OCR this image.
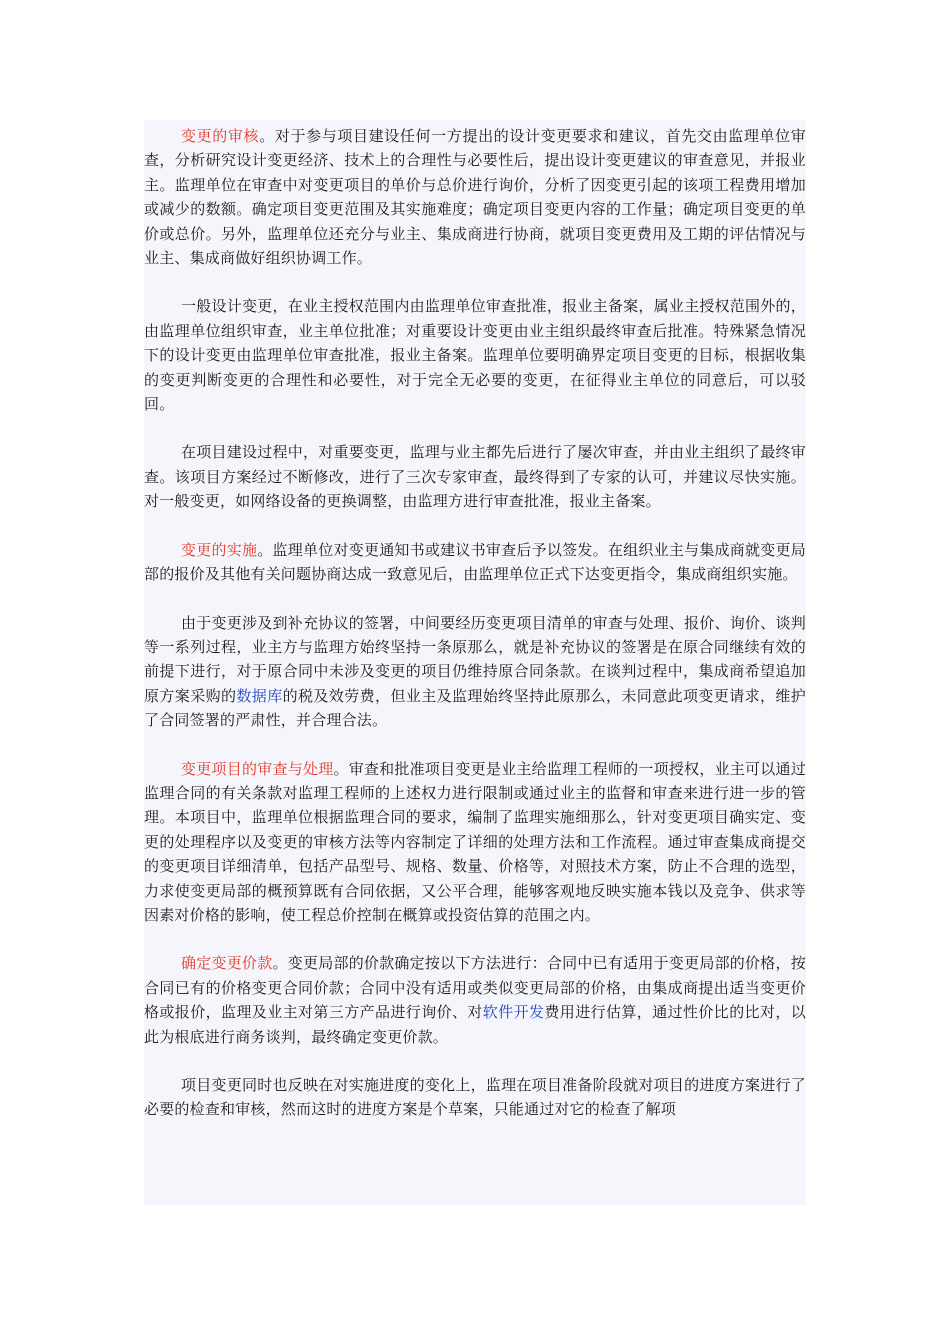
变更的审核。对于参与项目建设任何一方提出的设计变更要求和建议，首先交由监理单位审查，分析研究设计变更经济、技术上的合理性与必要性后，提出设计变更建议的审查意见，并报业主。监理单位在审查中对变更项目的单价与总价进行询价，分析了因变更引起的该项工程费用增加或减少的数额。确定项目变更范围及其实施难度；确定项目变更内容的工作量；确定项目变更的单价或总价。另外，监理单位还充分与业主、集成商进行协商，就项目变更费用及工期的评估情况与业主、集成商做好组织协调工作。

一般设计变更，在业主授权范围内由监理单位审查批准，报业主备案，属业主授权范围外的，由监理单位组织审查，业主单位批准；对重要设计变更由业主组织最终审查后批准。特殊紧急情况下的设计变更由监理单位审查批准，报业主备案。监理单位要明确界定项目变更的目标，根据收集的变更判断变更的合理性和必要性，对于完全无必要的变更，在征得业主单位的同意后，可以驳回。

在项目建设过程中，对重要变更，监理与业主都先后进行了屡次审查，并由业主组织了最终审查。该项目方案经过不断修改，进行了三次专家审查，最终得到了专家的认可，并建议尽快实施。对一般变更，如网络设备的更换调整，由监理方进行审查批准，报业主备案。

变更的实施。监理单位对变更通知书或建议书审查后予以签发。在组织业主与集成商就变更局部的报价及其他有关问题协商达成一致意见后，由监理单位正式下达变更指令，集成商组织实施。

由于变更涉及到补充协议的签署，中间要经历变更项目清单的审查与处理、报价、询价、谈判等一系列过程，业主方与监理方始终坚持一条原那么，就是补充协议的签署是在原合同继续有效的前提下进行，对于原合同中未涉及变更的项目仍维持原合同条款。在谈判过程中，集成商希望追加原方案采购的数据库的税及效劳费，但业主及监理始终坚持此原那么，未同意此项变更请求，维护了合同签署的严肃性，并合理合法。

变更项目的审查与处理。审查和批准项目变更是业主给监理工程师的一项授权，业主可以通过监理合同的有关条款对监理工程师的上述权力进行限制或通过业主的监督和审查来进行进一步的管理。本项目中，监理单位根据监理合同的要求，编制了监理实施细那么，针对变更项目确实定、变更的处理程序以及变更的审核方法等内容制定了详细的处理方法和工作流程。通过审查集成商提交的变更项目详细清单，包括产品型号、规格、数量、价格等，对照技术方案，防止不合理的选型，力求使变更局部的概预算既有合同依据，又公平合理，能够客观地反映实施本钱以及竞争、供求等因素对价格的影响，使工程总价控制在概算或投资估算的范围之内。

确定变更价款。变更局部的价款确定按以下方法进行：合同中已有适用于变更局部的价格，按合同已有的价格变更合同价款；合同中没有适用或类似变更局部的价格，由集成商提出适当变更价格或报价，监理及业主对第三方产品进行询价、对软件开发费用进行估算，通过性价比的比对，以此为根底进行商务谈判，最终确定变更价款。

项目变更同时也反映在对实施进度的变化上，监理在项目准备阶段就对项目的进度方案进行了必要的检查和审核，然而这时的进度方案是个草案，只能通过对它的检查了解项
